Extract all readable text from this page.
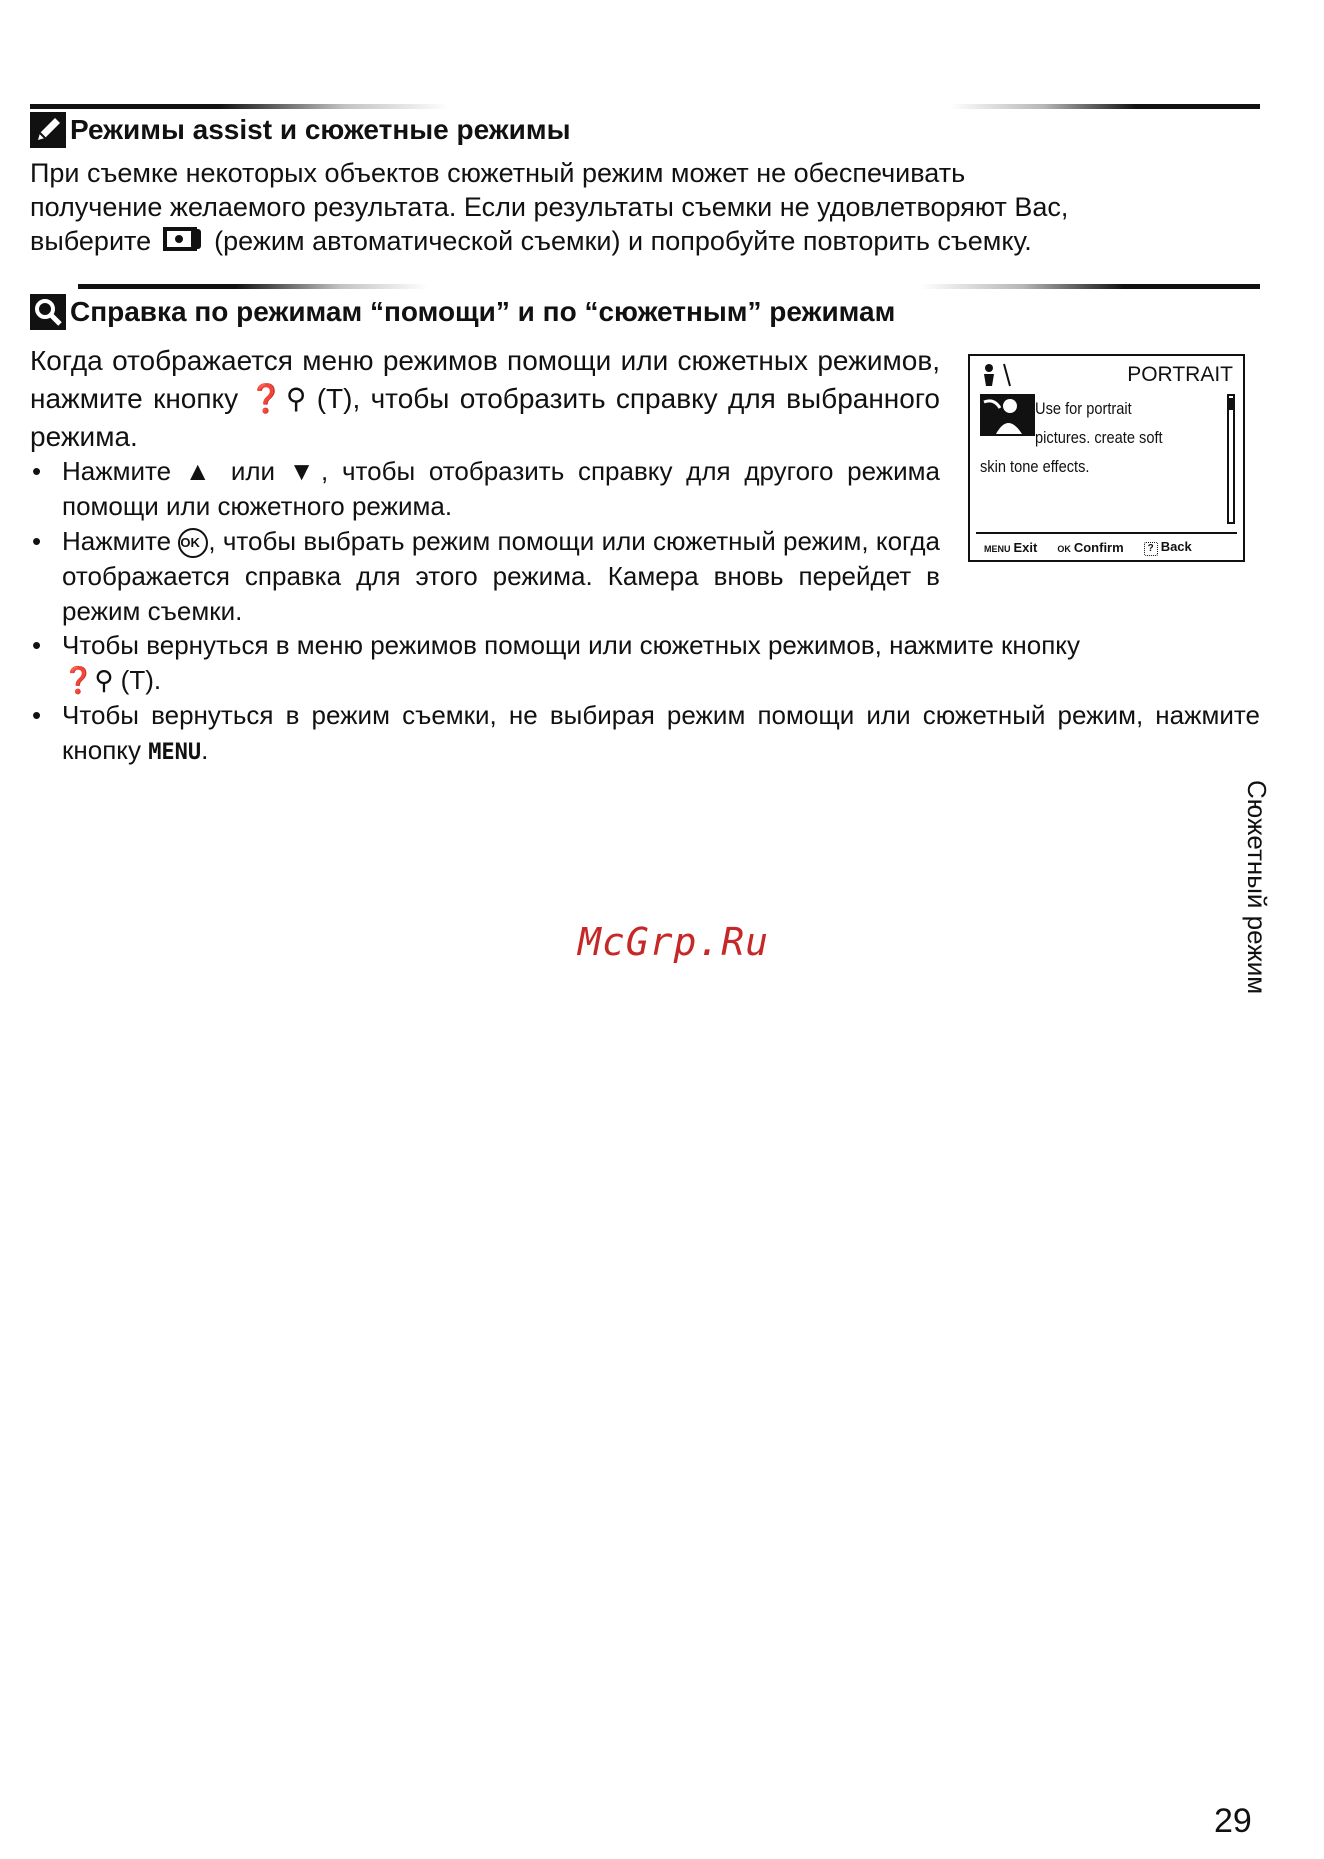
Режимы assist и сюжетные режимы
При съемке некоторых объектов сюжетный режим может не обеспечивать
получение желаемого результата. Если результаты съемки не удовлетворяют Вас,
выберите (режим автоматической съемки) и попробуйте повторить съемку.
Справка по режимам “помощи” и по “сюжетным” режимам
Когда отображается меню режимов помощи или сюжетных режимов, нажмите кнопку ❓⚲ (T), чтобы отобразить справку для выбранного режима.
• Нажмите ▲ или ▼, чтобы отобразить справку для другого режима помощи или сюжетного режима.
• Нажмите OK , чтобы выбрать режим помощи или сюжетный режим, когда отображается справка для этого режима. Камера вновь перейдет в режим съемки.
• Чтобы вернуться в меню режимов помощи или сюжетных режимов, нажмите кнопку
❓⚲ (T).
• Чтобы вернуться в режим съемки, не выбирая режим помощи или сюжетный режим, нажмите кнопку MENU.
PORTRAIT
Use for portrait
pictures. create soft
skin tone effects.
MENU Exit OK Confirm	? Back
Сюжетный режим
McGrp.Ru
29
